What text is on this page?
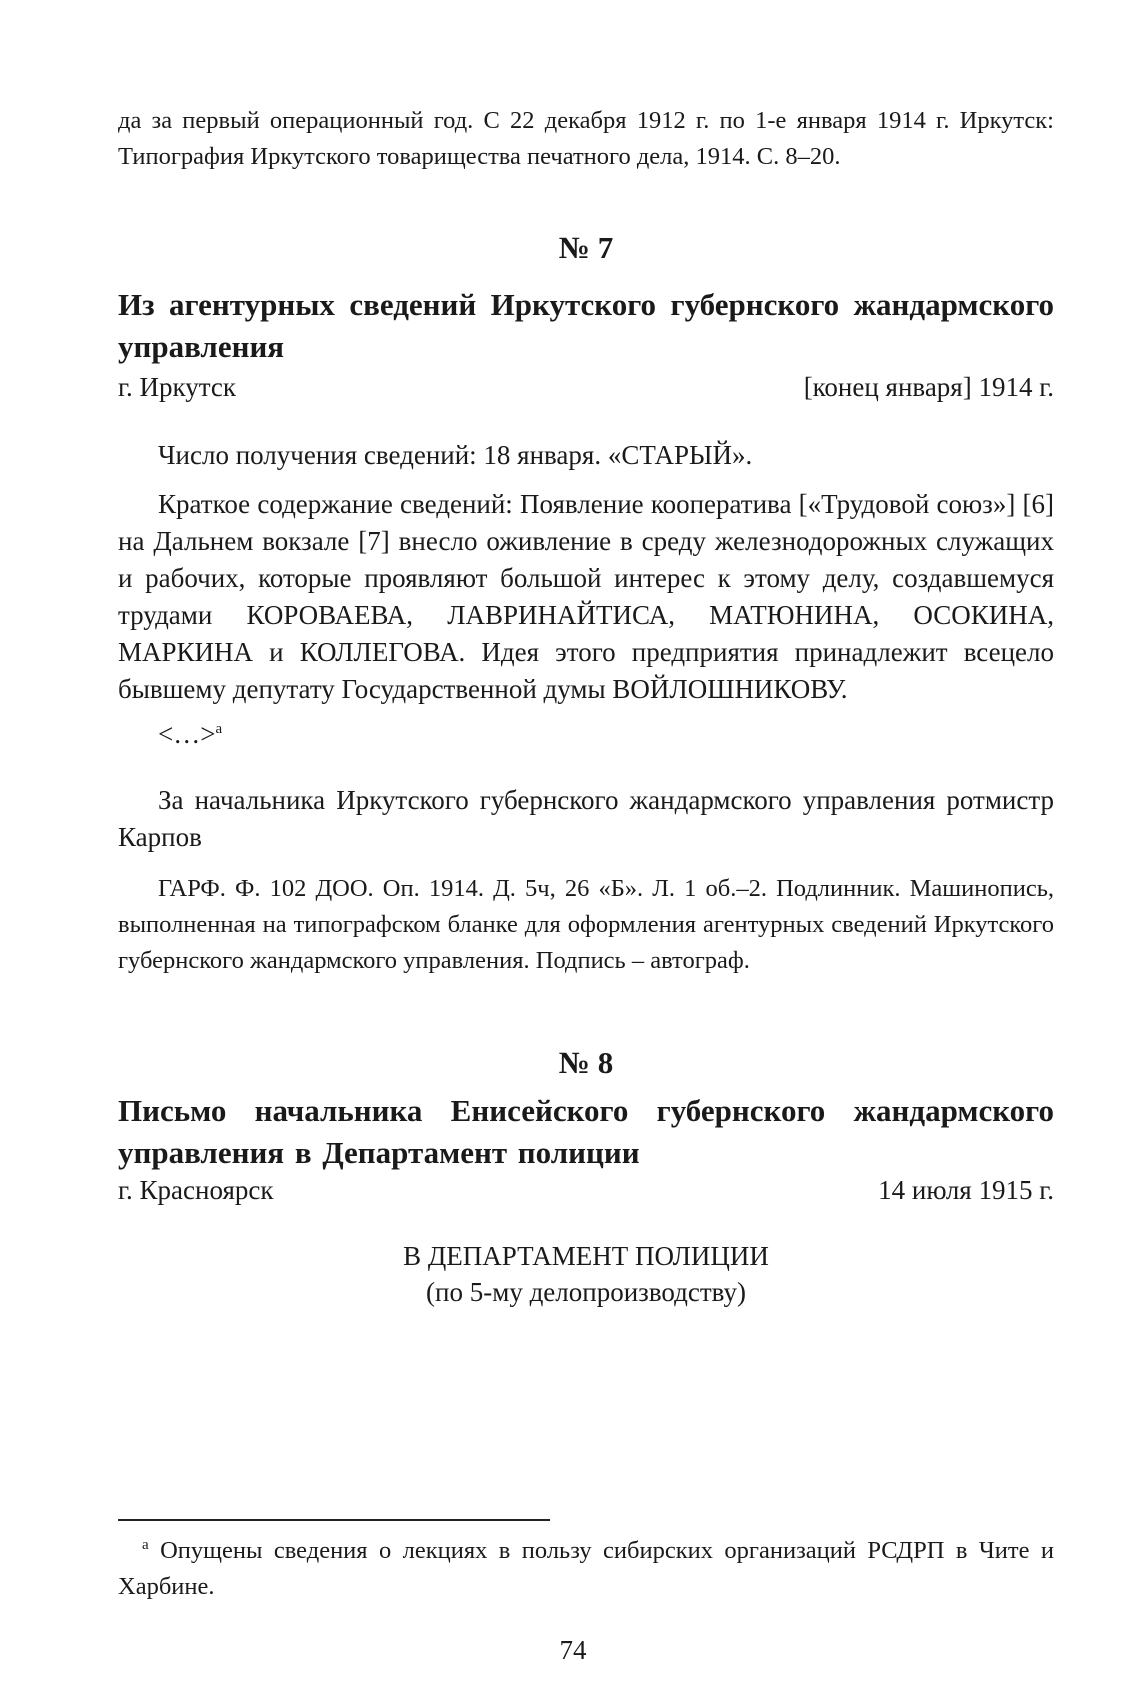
да за первый операционный год. С 22 декабря 1912 г. по 1-е января 1914 г. Иркутск: Типография Иркутского товарищества печатного дела, 1914. С. 8–20.
№ 7
Из агентурных сведений Иркутского губернского жандармского управления
г. Иркутск	[конец января] 1914 г.
Число получения сведений: 18 января. «СТАРЫЙ».
Краткое содержание сведений: Появление кооператива [«Трудовой союз»] [6] на Дальнем вокзале [7] внесло оживление в среду железнодорожных служащих и рабочих, которые проявляют большой интерес к этому делу, создавшемуся трудами КОРОВАЕВА, ЛАВРИНАЙТИСА, МАТЮНИНА, ОСОКИНА, МАРКИНА и КОЛЛЕГОВА. Идея этого предприятия принадлежит всецело бывшему депутату Государственной думы ВОЙЛОШНИКОВУ.
<…>$^а$
За начальника Иркутского губернского жандармского управления ротмистр Карпов
ГАРФ. Ф. 102 ДОО. Оп. 1914. Д. 5ч, 26 «Б». Л. 1 об.–2. Подлинник. Машинопись, выполненная на типографском бланке для оформления агентурных сведений Иркутского губернского жандармского управления. Подпись – автограф.
№ 8
Письмо начальника Енисейского губернского жандармского управления в Департамент полиции
г. Красноярск	14 июля 1915 г.
В ДЕПАРТАМЕНТ ПОЛИЦИИ
(по 5-му делопроизводству)
$^а$ Опущены сведения о лекциях в пользу сибирских организаций РСДРП в Чите и Харбине.
74
